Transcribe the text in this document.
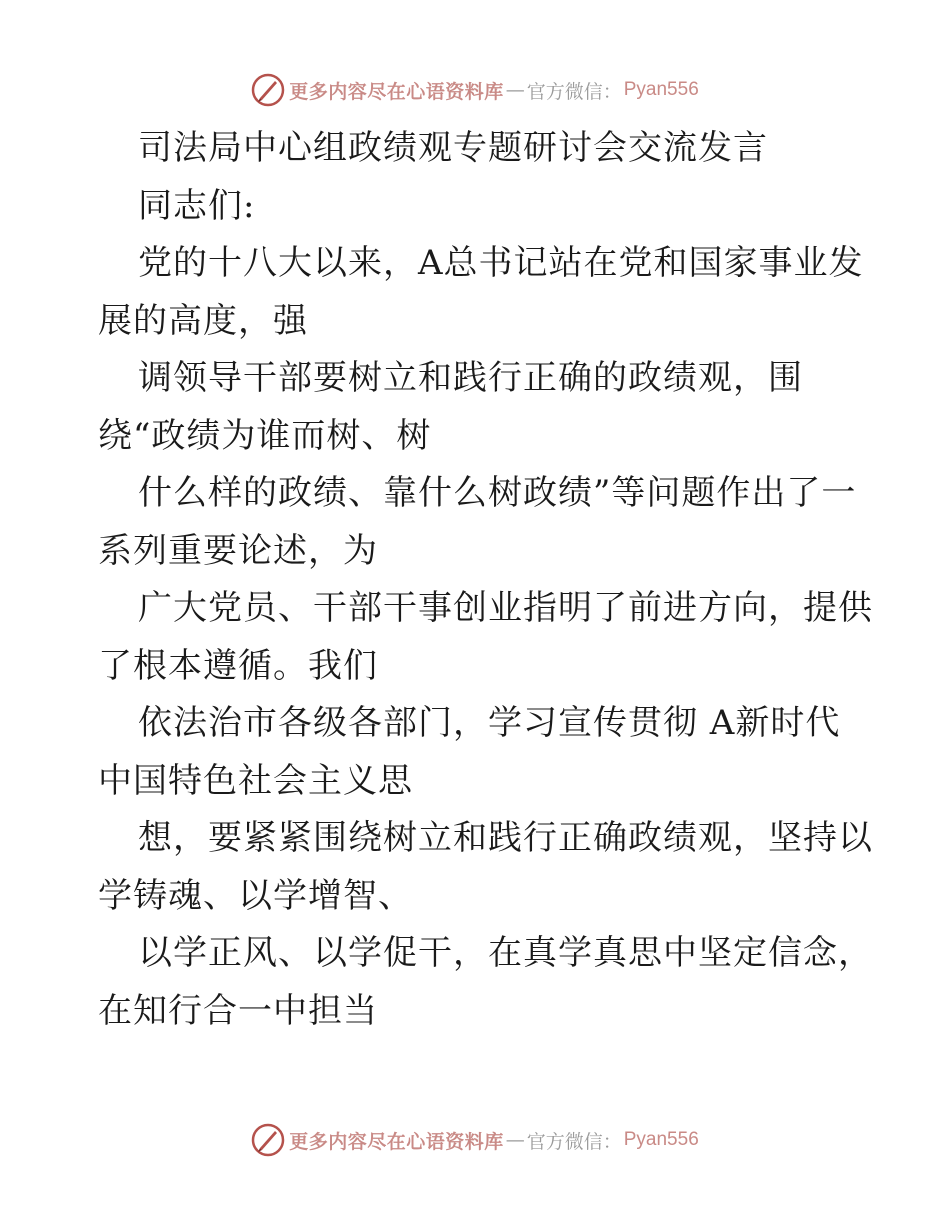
更多内容尽在心语资料库 — 官方微信： Pyan556
司法局中心组政绩观专题研讨会交流发言
同志们:
党的十八大以来，A总书记站在党和国家事业发
展的高度，强
调领导干部要树立和践行正确的政绩观，围
绕“政绩为谁而树、树
什么样的政绩、靠什么树政绩”等问题作出了一
系列重要论述，为
广大党员、干部干事创业指明了前进方向，提供
了根本遵循。我们
依法治市各级各部门，学习宣传贯彻 A新时代
中国特色社会主义思
想，要紧紧围绕树立和践行正确政绩观，坚持以
学铸魂、以学增智、
以学正风、以学促干，在真学真思中坚定信念，
在知行合一中担当
更多内容尽在心语资料库 — 官方微信： Pyan556
